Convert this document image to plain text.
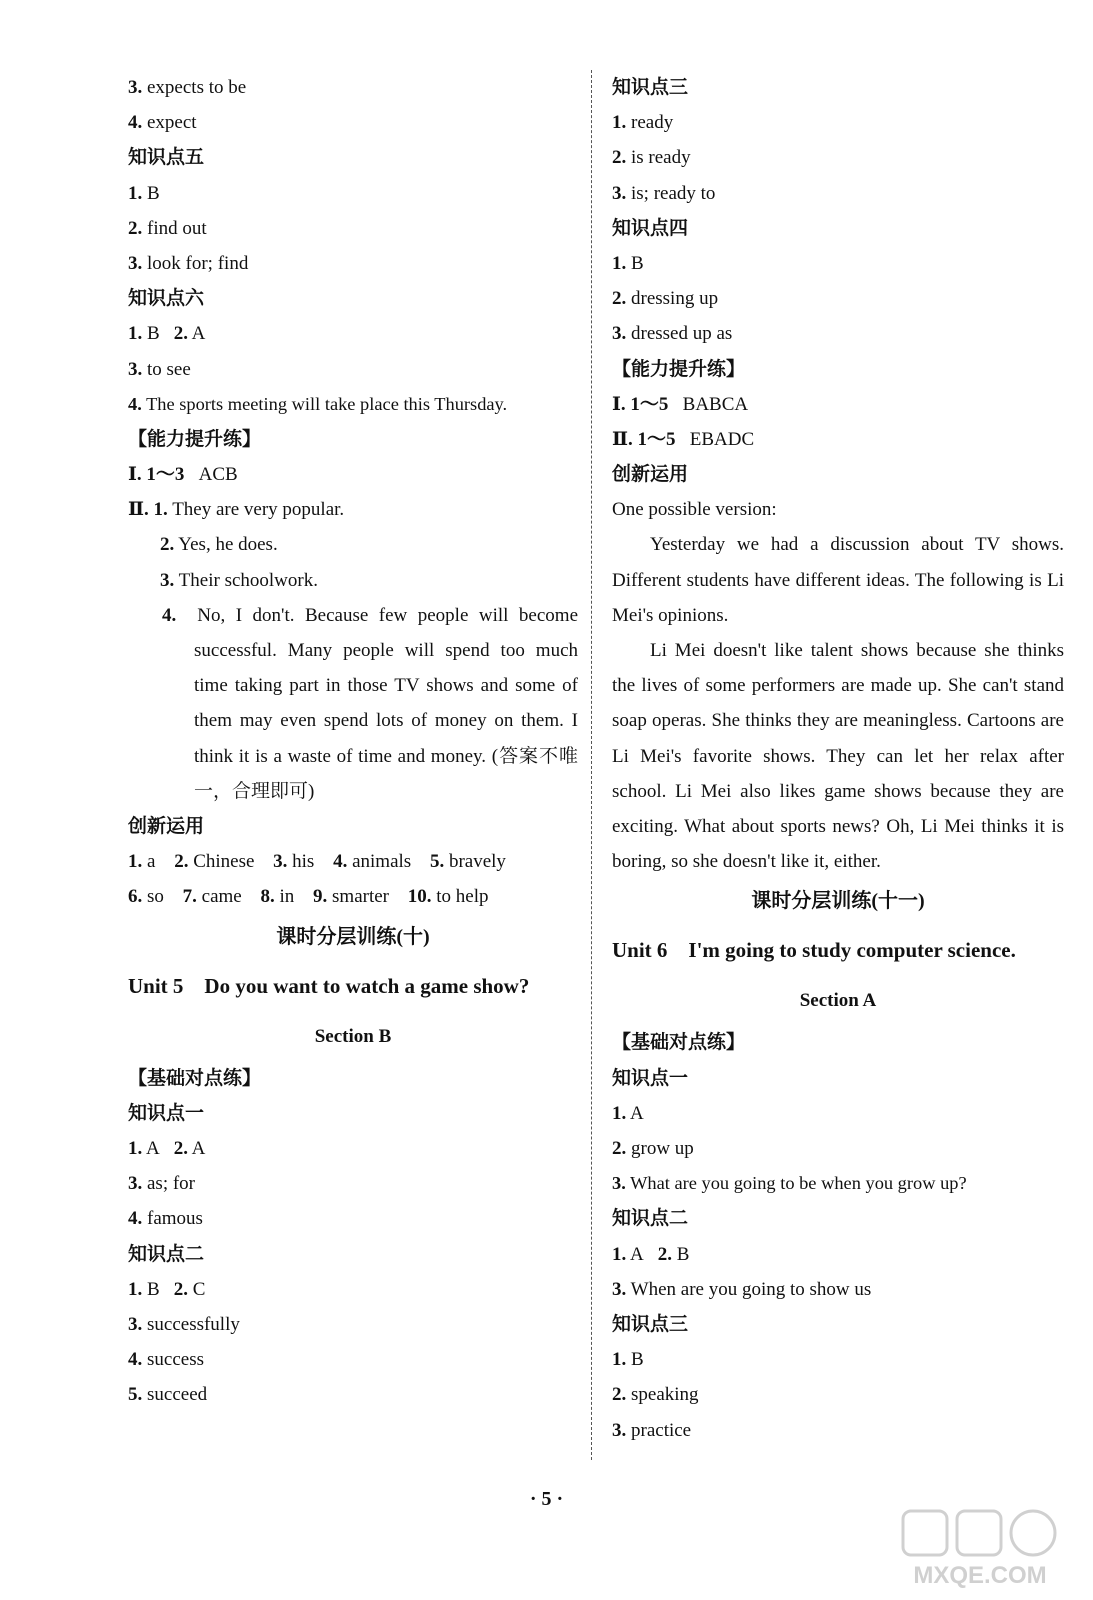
3. expects to be
4. expect
知识点五
1. B
2. find out
3. look for; find
知识点六
1. B 2. A
3. to see
4. The sports meeting will take place this Thursday.
【能力提升练】
Ⅰ. 1～3 ACB
Ⅱ. 1. They are very popular.
2. Yes, he does.
3. Their schoolwork.
4. No, I don't. Because few people will become successful. Many people will spend too much time taking part in those TV shows and some of them may even spend lots of money on them. I think it is a waste of time and money. (答案不唯一，合理即可)
创新运用
1. a 2. Chinese 3. his 4. animals 5. bravely
6. so 7. came 8. in 9. smarter 10. to help
课时分层训练(十)
Unit 5    Do you want to watch a game show?
Section B
【基础对点练】
知识点一
1. A 2. A
3. as; for
4. famous
知识点二
1. B 2. C
3. successfully
4. success
5. succeed
知识点三
1. ready
2. is ready
3. is; ready to
知识点四
1. B
2. dressing up
3. dressed up as
【能力提升练】
Ⅰ. 1～5 BABCA
Ⅱ. 1～5 EBADC
创新运用
One possible version:
Yesterday we had a discussion about TV shows. Different students have different ideas. The following is Li Mei's opinions.
Li Mei doesn't like talent shows because she thinks the lives of some performers are made up. She can't stand soap operas. She thinks they are meaningless. Cartoons are Li Mei's favorite shows. They can let her relax after school. Li Mei also likes game shows because they are exciting. What about sports news? Oh, Li Mei thinks it is boring, so she doesn't like it, either.
课时分层训练(十一)
Unit 6    I'm going to study computer science.
Section A
【基础对点练】
知识点一
1. A
2. grow up
3. What are you going to be when you grow up?
知识点二
1. A 2. B
3. When are you going to show us
知识点三
1. B
2. speaking
3. practice
· 5 ·
MXQE.COM
